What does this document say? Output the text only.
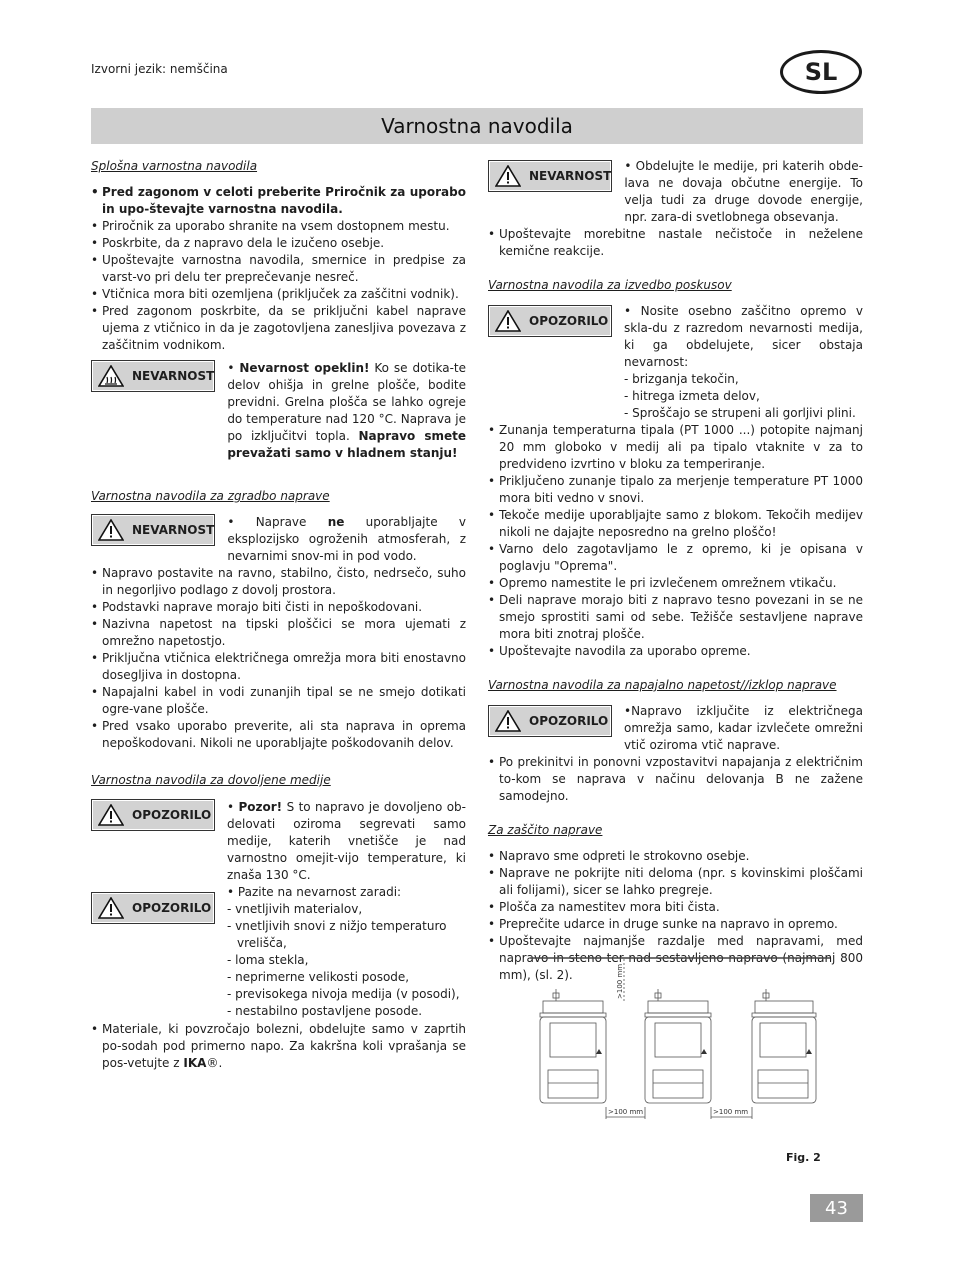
Izvorni jezik: nemščina	SL
Varnostna navodila
Splošna varnostna navodila
• Pred zagonom v celoti preberite Priročnik za uporabo in upo-števajte varnostna navodila.
• Priročnik za uporabo shranite na vsem dostopnem mestu.
• Poskrbite, da z napravo dela le izučeno osebje.
• Upoštevajte varnostna navodila, smernice in predpise za varst-vo pri delu ter preprečevanje nesreč.
• Vtičnica mora biti ozemljena (priključek za zaščitni vodnik).
• Pred zagonom poskrbite, da se priključni kabel naprave ujema z vtičnico in da je zagotovljena zanesljiva povezava z zaščitnim vodnikom.
NEVARNOST
• Nevarnost opeklin! Ko se dotika-te delov ohišja in grelne plošče, bodite previdni. Grelna plošča se lahko ogreje do temperature nad 120 °C. Naprava je po izključitvi topla. Napravo smete prevažati samo v hladnem stanju!
Varnostna navodila za zgradbo naprave
NEVARNOST
• Naprave ne uporabljajte v eksplozijsko ogroženih atmosferah, z nevarnimi snov-mi in pod vodo.
• Napravo postavite na ravno, stabilno, čisto, nedrsečo, suho in negorljivo podlago z dovolj prostora.
• Podstavki naprave morajo biti čisti in nepoškodovani.
• Nazivna napetost na tipski ploščici se mora ujemati z omrežno napetostjo.
• Priključna vtičnica električnega omrežja mora biti enostavno dosegljiva in dostopna.
• Napajalni kabel in vodi zunanjih tipal se ne smejo dotikati ogre-vane plošče.
• Pred vsako uporabo preverite, ali sta naprava in oprema nepoškodovani. Nikoli ne uporabljajte poškodovanih delov.
Varnostna navodila za dovoljene medije
OPOZORILO
• Pozor! S to napravo je dovoljeno ob-delovati oziroma segrevati samo medije, katerih vnetišče je nad varnostno omejit-vijo temperature, ki znaša 130 °C.
OPOZORILO
• Pazite na nevarnost zaradi:
- vnetljivih materialov,
- vnetljivih snovi z nižjo temperaturo
vrelišča,
- loma stekla,
- neprimerne velikosti posode,
- previsokega nivoja medija (v posodi),
- nestabilno postavljene posode.
• Materiale, ki povzročajo bolezni, obdelujte samo v zaprtih po-sodah pod primerno napo. Za kakršna koli vprašanja se pos-vetujte z IKA®.
NEVARNOST
• Obdelujte le medije, pri katerih obde-lava ne dovaja občutne energije. To velja tudi za druge dovode energije, npr. zara-di svetlobnega obsevanja.
• Upoštevajte morebitne nastale nečistoče in neželene kemične reakcije.
Varnostna navodila za izvedbo poskusov
OPOZORILO
• Nosite osebno zaščitno opremo v skla-du z razredom nevarnosti medija, ki ga obdelujete, sicer obstaja nevarnost:
- brizganja tekočin,
- hitrega izmeta delov,
- Sproščajo se strupeni ali gorljivi plini.
• Zunanja temperaturna tipala (PT 1000 ...) potopite najmanj 20 mm globoko v medij ali pa tipalo vtaknite v za to predvideno izvrtino v bloku za temperiranje.
• Priključeno zunanje tipalo za merjenje temperature PT 1000 mora biti vedno v snovi.
• Tekoče medije uporabljajte samo z blokom. Tekočih medijev nikoli ne dajajte neposredno na grelno ploščo!
• Varno delo zagotavljamo le z opremo, ki je opisana v poglavju "Oprema".
• Opremo namestite le pri izvlečenem omrežnem vtikaču.
• Deli naprave morajo biti z napravo tesno povezani in se ne smejo sprostiti sami od sebe. Težišče sestavljene naprave mora biti znotraj plošče.
• Upoštevajte navodila za uporabo opreme.
Varnostna navodila za napajalno napetost//izklop naprave
OPOZORILO
•Napravo izključite iz električnega omrežja samo, kadar izvlečete omrežni vtič oziroma vtič naprave.
• Po prekinitvi in ponovni vzpostavitvi napajanja z električnim to-kom se naprava v načinu delovanja B ne zažene samodejno.
Za zaščito naprave
• Napravo sme odpreti le strokovno osebje.
• Naprave ne pokrijte niti deloma (npr. s kovinskimi ploščami ali folijami), sicer se lahko pregreje.
• Plošča za namestitev mora biti čista.
• Preprečite udarce in druge sunke na napravo in opremo.
• Upoštevajte najmanjše razdalje med napravami, med napravo in steno ter nad sestavljeno napravo (najmanj 800 mm), (sl. 2).	>100 mm
>100 mm	>100 mm
Fig. 2
43
